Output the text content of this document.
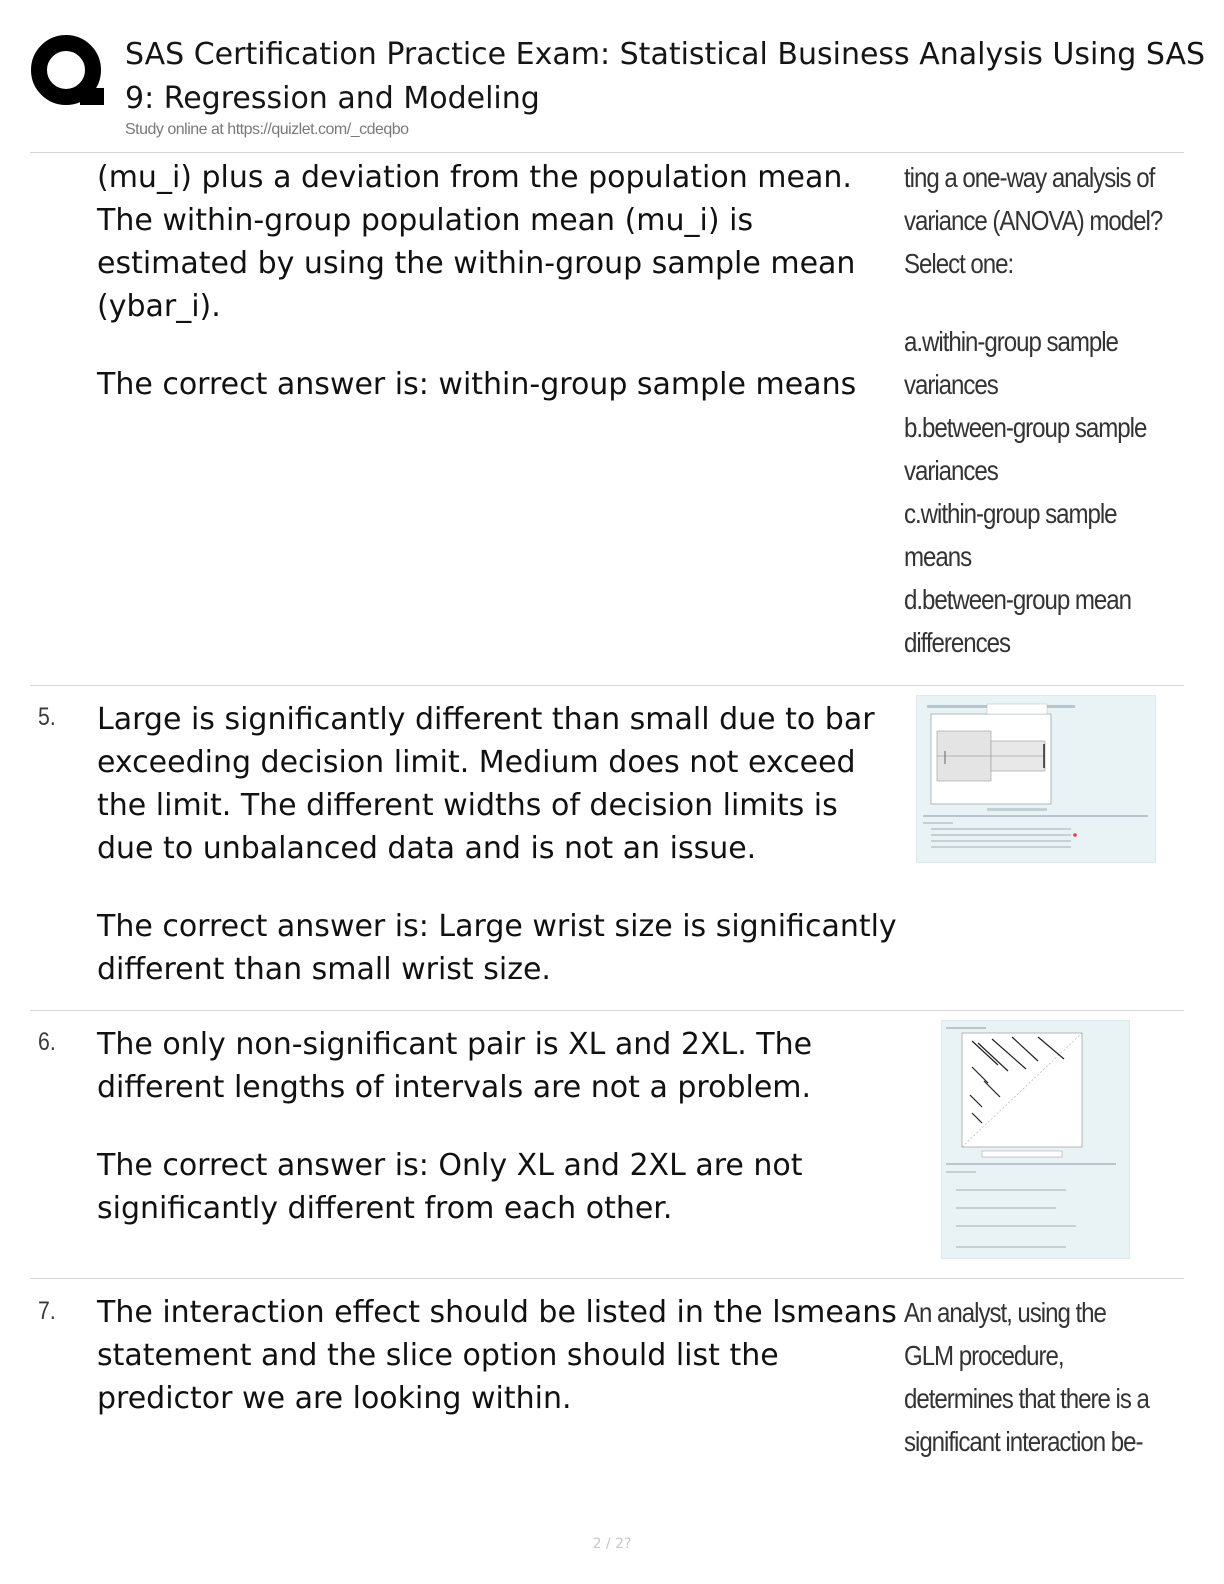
SAS Certification Practice Exam: Statistical Business Analysis Using SAS 9: Regression and Modeling
Study online at https://quizlet.com/_cdeqbo

(mu_i) plus a deviation from the population mean. The within-group population mean (mu_i) is estimated by using the within-group sample mean (ybar_i).

The correct answer is: within-group sample means

ting a one-way analysis of

variance (ANOVA) model?

Select one:

a.within-group sample variances

b.between-group sample variances

c.within-group sample means

d.between-group mean differences

5. Large is significantly different than small due to bar exceeding decision limit. Medium does not exceed the limit. The different widths of decision limits is due to unbalanced data and is not an issue.

The correct answer is: Large wrist size is significantly different than small wrist size.

6. The only non-significant pair is XL and 2XL. The different lengths of intervals are not a problem.

The correct answer is: Only XL and 2XL are not significantly different from each other.

7. The interaction effect should be listed in the lsmeans statement and the slice option should list the predictor we are looking within.

An analyst, using the GLM procedure, determines that there is a significant interaction be-
2 / 2?
